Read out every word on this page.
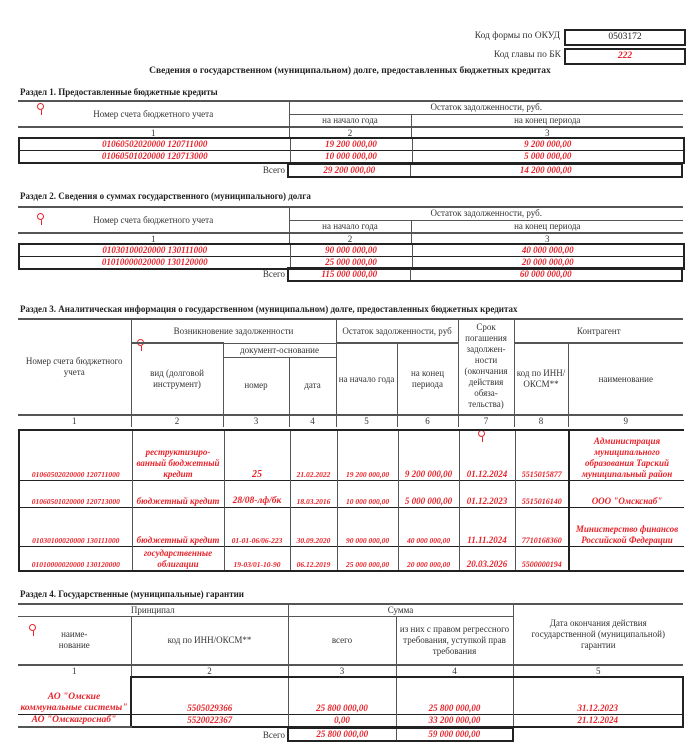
Код формы по ОКУД	0503172
Код главы по БК	222
Сведения о государственном (муниципальном) долге, предоставленных бюджетных кредитах
Раздел 1. Предоставленные бюджетные кредиты
Номер счета бюджетного учета	Остаток задолженности, руб.	
	на начало года	на конец периода
1	2	3
01060502020000 120711000	19 200 000,00	9 200 000,00
01060501020000 120713000	10 000 000,00	5 000 000,00
Всего	29 200 000,00	14 200 000,00
Раздел 2. Сведения о суммах государственного (муниципального) долга
Номер счета бюджетного учета	Остаток задолженности, руб.	
	на начало года	на конец периода
1	2	3
01030100020000 130111000	90 000 000,00	40 000 000,00
01010000020000 130120000	25 000 000,00	20 000 000,00
Всего	115 000 000,00	60 000 000,00
Раздел 3. Аналитическая информация о государственном (муниципальном) долге, предоставленных бюджетных кредитах
Номер счета бюджетного учета	Возникновение задолженности			Остаток задолженности, руб		Срок погашения задолжен-ности (окончания действия обяза-тельства)	Контрагент	
	вид (долговой инструмент)	документ-основание		на начало года	на конец периода		код по ИНН/ ОКСМ**	наименование
		номер	дата					
1	2	3	4	5	6	7	8	9
01060502020000 120711000	реструктизиро-ванный бюджетный кредит	25	21.02.2022	19 200 000,00	9 200 000,00	01.12.2024	5515015877	Администрация муниципального образования Тарский муниципальный район
01060501020000 120713000	бюджетный кредит	28/08-лф/бк	18.03.2016	10 000 000,00	5 000 000,00	01.12.2023	5515016140	ООО "Омскснаб"
01030100020000 130111000	бюджетный кредит	01-01-06/06-223	30.09.2020	90 000 000,00	40 000 000,00	11.11.2024	7710168360	Министерство финансов Российской Федерации
01010000020000 130120000	государственные облигации	19-03/01-10-90	06.12.2019	25 000 000,00	20 000 000,00	20.03.2026	5500000194	
Раздел 4. Государственные (муниципальные) гарантии
Принципал		Сумма		Дата окончания действия государственной (муниципальной) гарантии
наиме-нование	код по ИНН/ОКСМ**	всего	из них с правом регрессного требования, уступкой прав требования	
1	2	3	4	5
АО "Омские коммунальные системы"	5505029366	25 800 000,00	25 800 000,00	31.12.2023
АО "Омскагроснаб"	5520022367	0,00	33 200 000,00	21.12.2024
Всего	25 800 000,00	59 000 000,00
